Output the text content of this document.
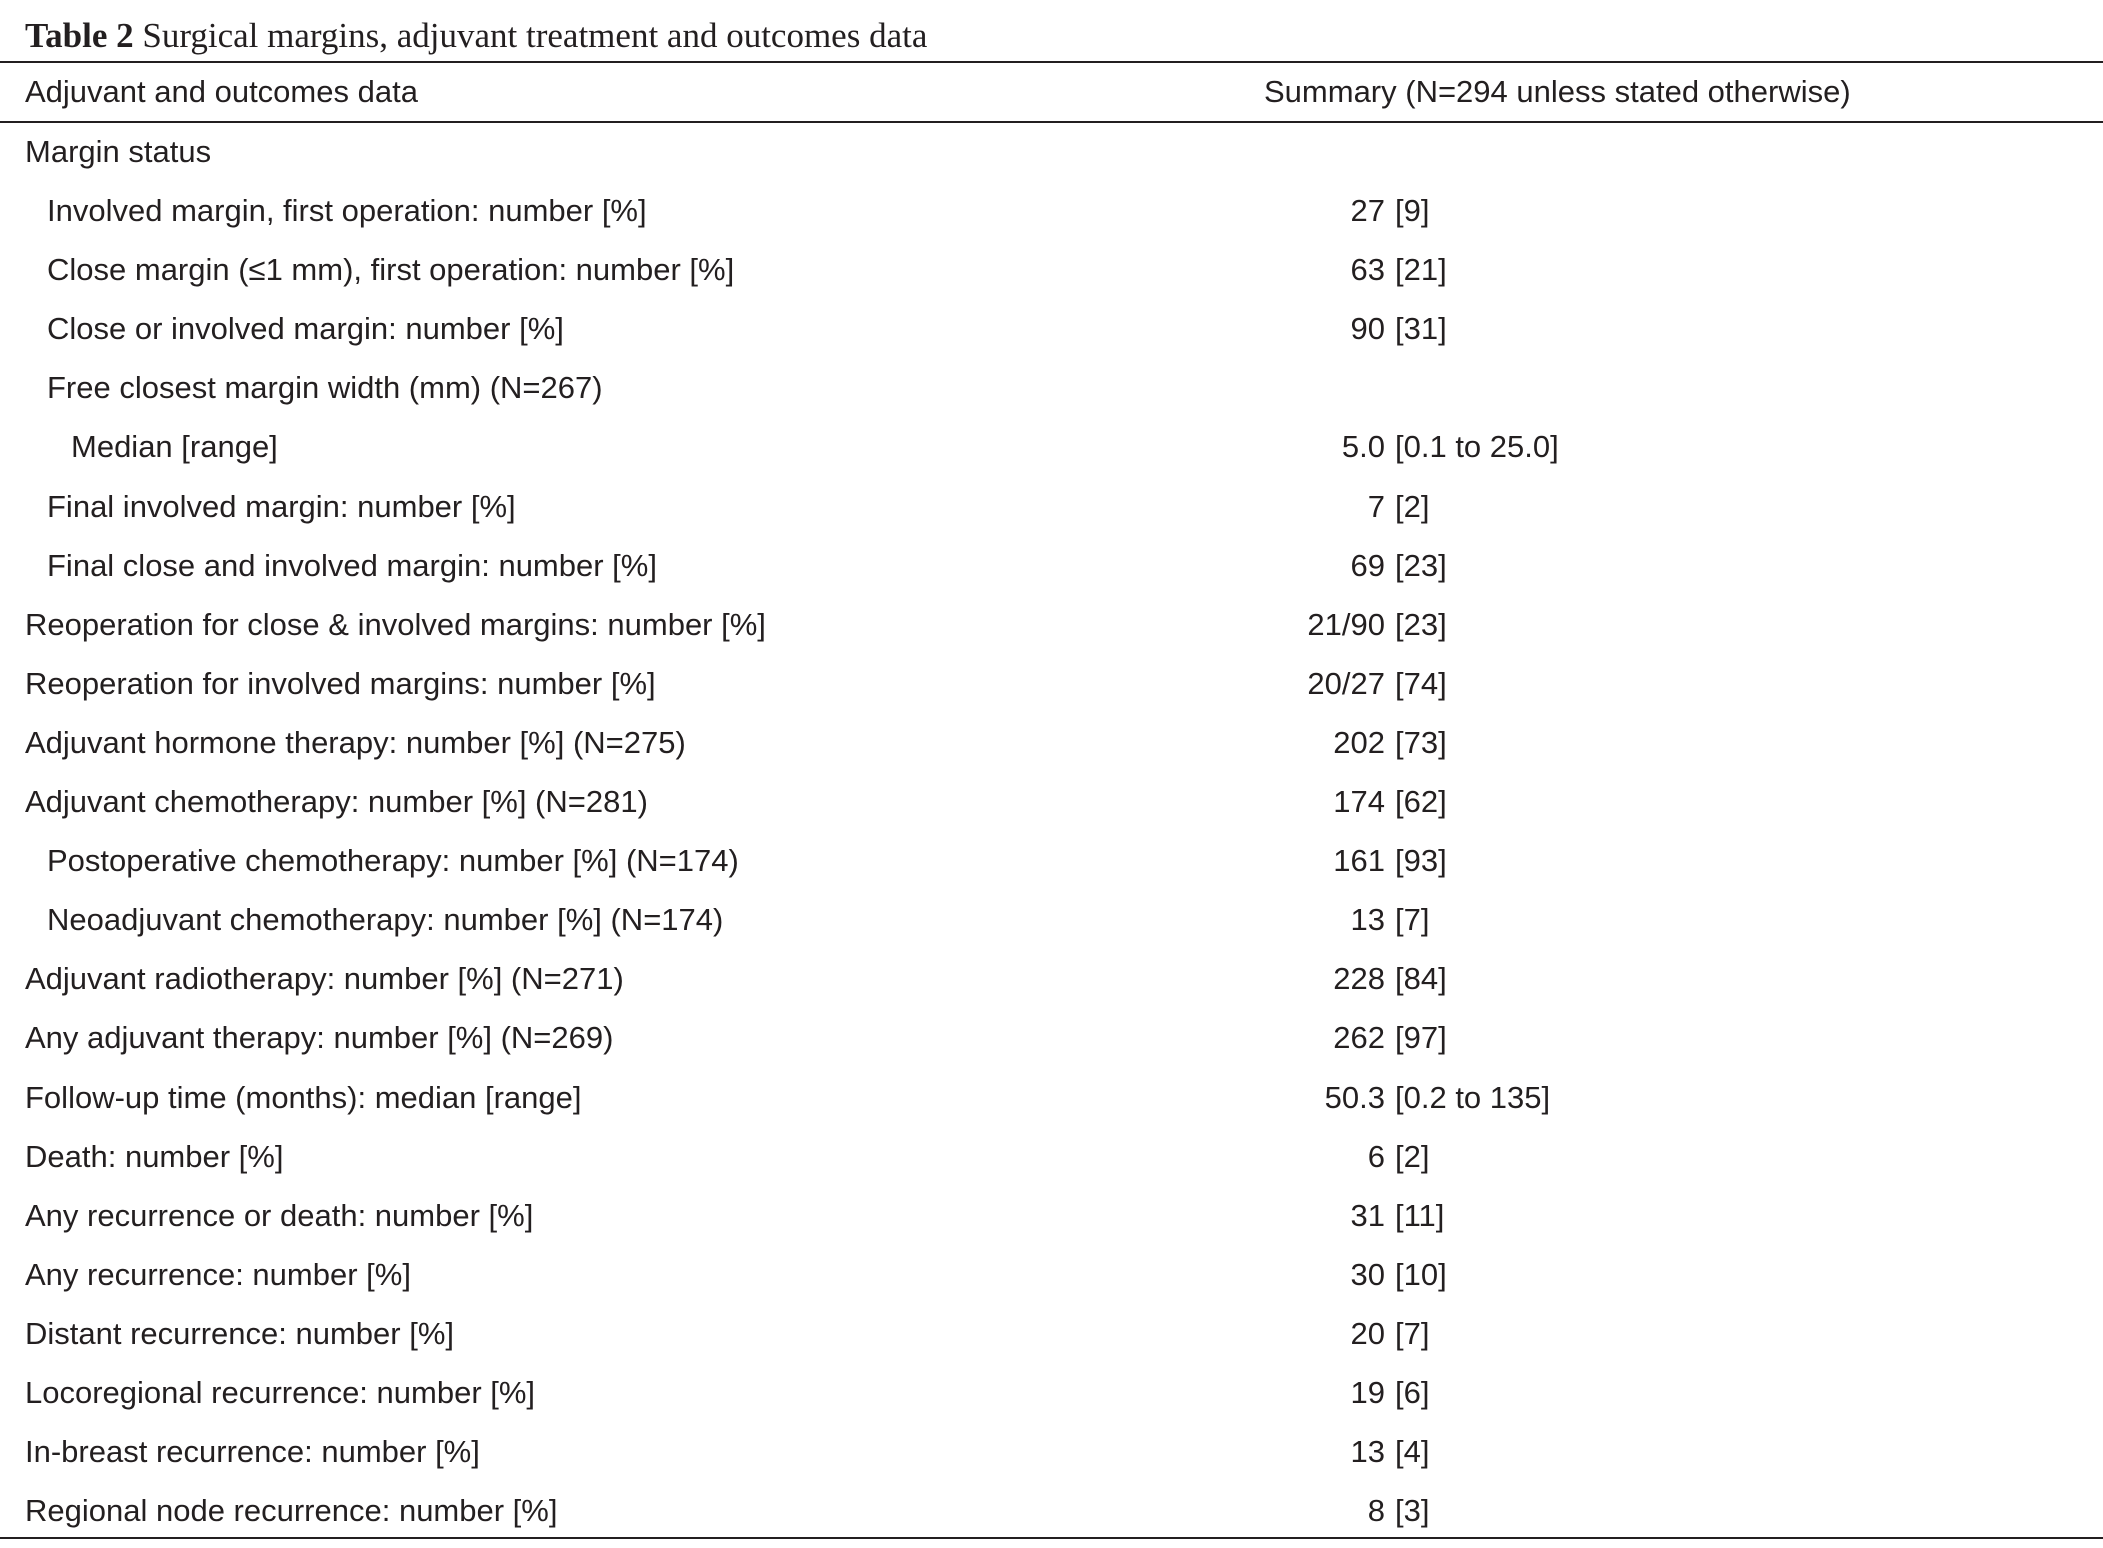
Table 2 Surgical margins, adjuvant treatment and outcomes data
Adjuvant and outcomes data	Summary (N=294 unless stated otherwise)
Margin status
Involved margin, first operation: number [%]	27 [9]
Close margin (≤1 mm), first operation: number [%]	63 [21]
Close or involved margin: number [%]	90 [31]
Free closest margin width (mm) (N=267)
Median [range]	5.0 [0.1 to 25.0]
Final involved margin: number [%]	7 [2]
Final close and involved margin: number [%]	69 [23]
Reoperation for close & involved margins: number [%]	21/90 [23]
Reoperation for involved margins: number [%]	20/27 [74]
Adjuvant hormone therapy: number [%] (N=275)	202 [73]
Adjuvant chemotherapy: number [%] (N=281)	174 [62]
Postoperative chemotherapy: number [%] (N=174)	161 [93]
Neoadjuvant chemotherapy: number [%] (N=174)	13 [7]
Adjuvant radiotherapy: number [%] (N=271)	228 [84]
Any adjuvant therapy: number [%] (N=269)	262 [97]
Follow-up time (months): median [range]	50.3 [0.2 to 135]
Death: number [%]	6 [2]
Any recurrence or death: number [%]	31 [11]
Any recurrence: number [%]	30 [10]
Distant recurrence: number [%]	20 [7]
Locoregional recurrence: number [%]	19 [6]
In-breast recurrence: number [%]	13 [4]
Regional node recurrence: number [%]	8 [3]
